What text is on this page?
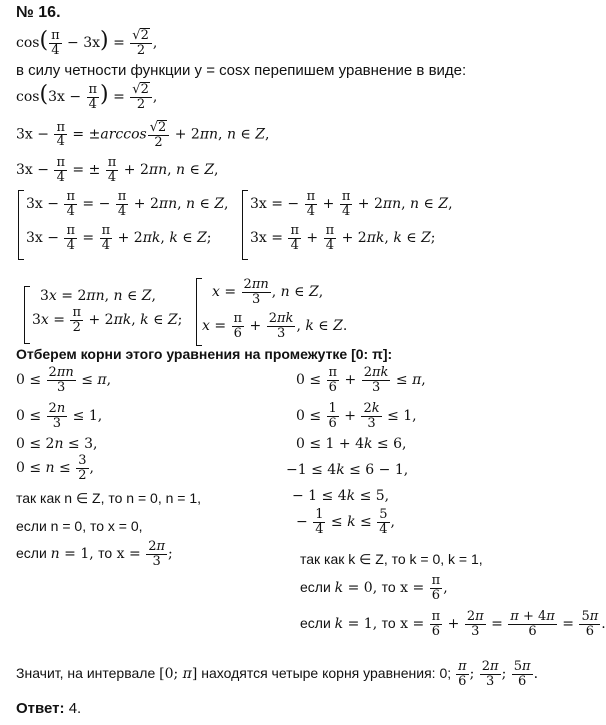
№ 16.
$\cos( \frac{\pi}{4} - 3x) = \frac{√2}{2}$ ,
в силу четности функции y = cosx перепишем уравнение в виде:
$\cos(3x - \frac{\pi}{4}$ ) = $\frac{√2}{2}$ ,
$3x - \frac{\pi}{4} = \pm\arccos \frac{√2}{2} + 2\pi n$, n ∈ Z,
$3x - \frac{\pi}{4}$ = ± $\frac{\pi}{4} + 2\pi n$, n ∈ Z,
$3x - \frac{\pi}{4}$ = − $\frac{\pi}{4} + 2\pi n$, n ∈ Z,
$3x - \frac{\pi}{4} = \frac{\pi}{4} + 2\pi k$, k ∈ Z;
3x = − $\frac{\pi}{4} + \frac{\pi}{4} + 2\pi n$, n ∈ Z,
$3x = \frac{\pi}{4} + \frac{\pi}{4} + 2\pi k$, k ∈ Z;
3x = 2πn, n ∈ Z,
$3x = \frac{\pi}{2} + 2\pi k$, k ∈ Z;
$x = \frac{2\pi n}{3}$ , n ∈ Z,
$x = \frac{\pi}{6} + \frac{2\pi k}{3}$ , k ∈ Z.
Отберем корни этого уравнения на промежутке [0: π]:
$0 \le \frac{2\pi n}{3} \le \pi$,
$0 \le \frac{2n}{3} \le 1$,
0 ≤ 2n ≤ 3,
$0 \le n \le \frac{3}{2}$ ,
так как n ∈ Z, то n = 0, n = 1,
если n = 0, то x = 0,
если n = 1, то $x = \frac{2\pi}{3}$ ;
$0 \le \frac{\pi}{6} + \frac{2\pi k}{3} \le \pi$,
$0 \le \frac{1}{6} + \frac{2k}{3} \le 1$,
0 ≤ 1 + 4k ≤ 6,
−1 ≤ 4k ≤ 6 − 1,
− 1 ≤ 4k ≤ 5,
− $\frac{1}{4} \le k \le \frac{5}{4}$ ,
так как k ∈ Z, то k = 0, k = 1,
если k = 0, то $x = \frac{\pi}{6}$ ,
если k = 1, то $x = \frac{\pi}{6} + \frac{2\pi}{3} = \frac{\pi + 4\pi}{6} = \frac{5\pi}{6}$ .
Значит, на интервале [0; π] находятся четыре корня уравнения: 0; $\frac{\pi}{6}$ ; $\frac{2\pi}{3}$ ; $\frac{5\pi}{6}$ .
Ответ: 4.
